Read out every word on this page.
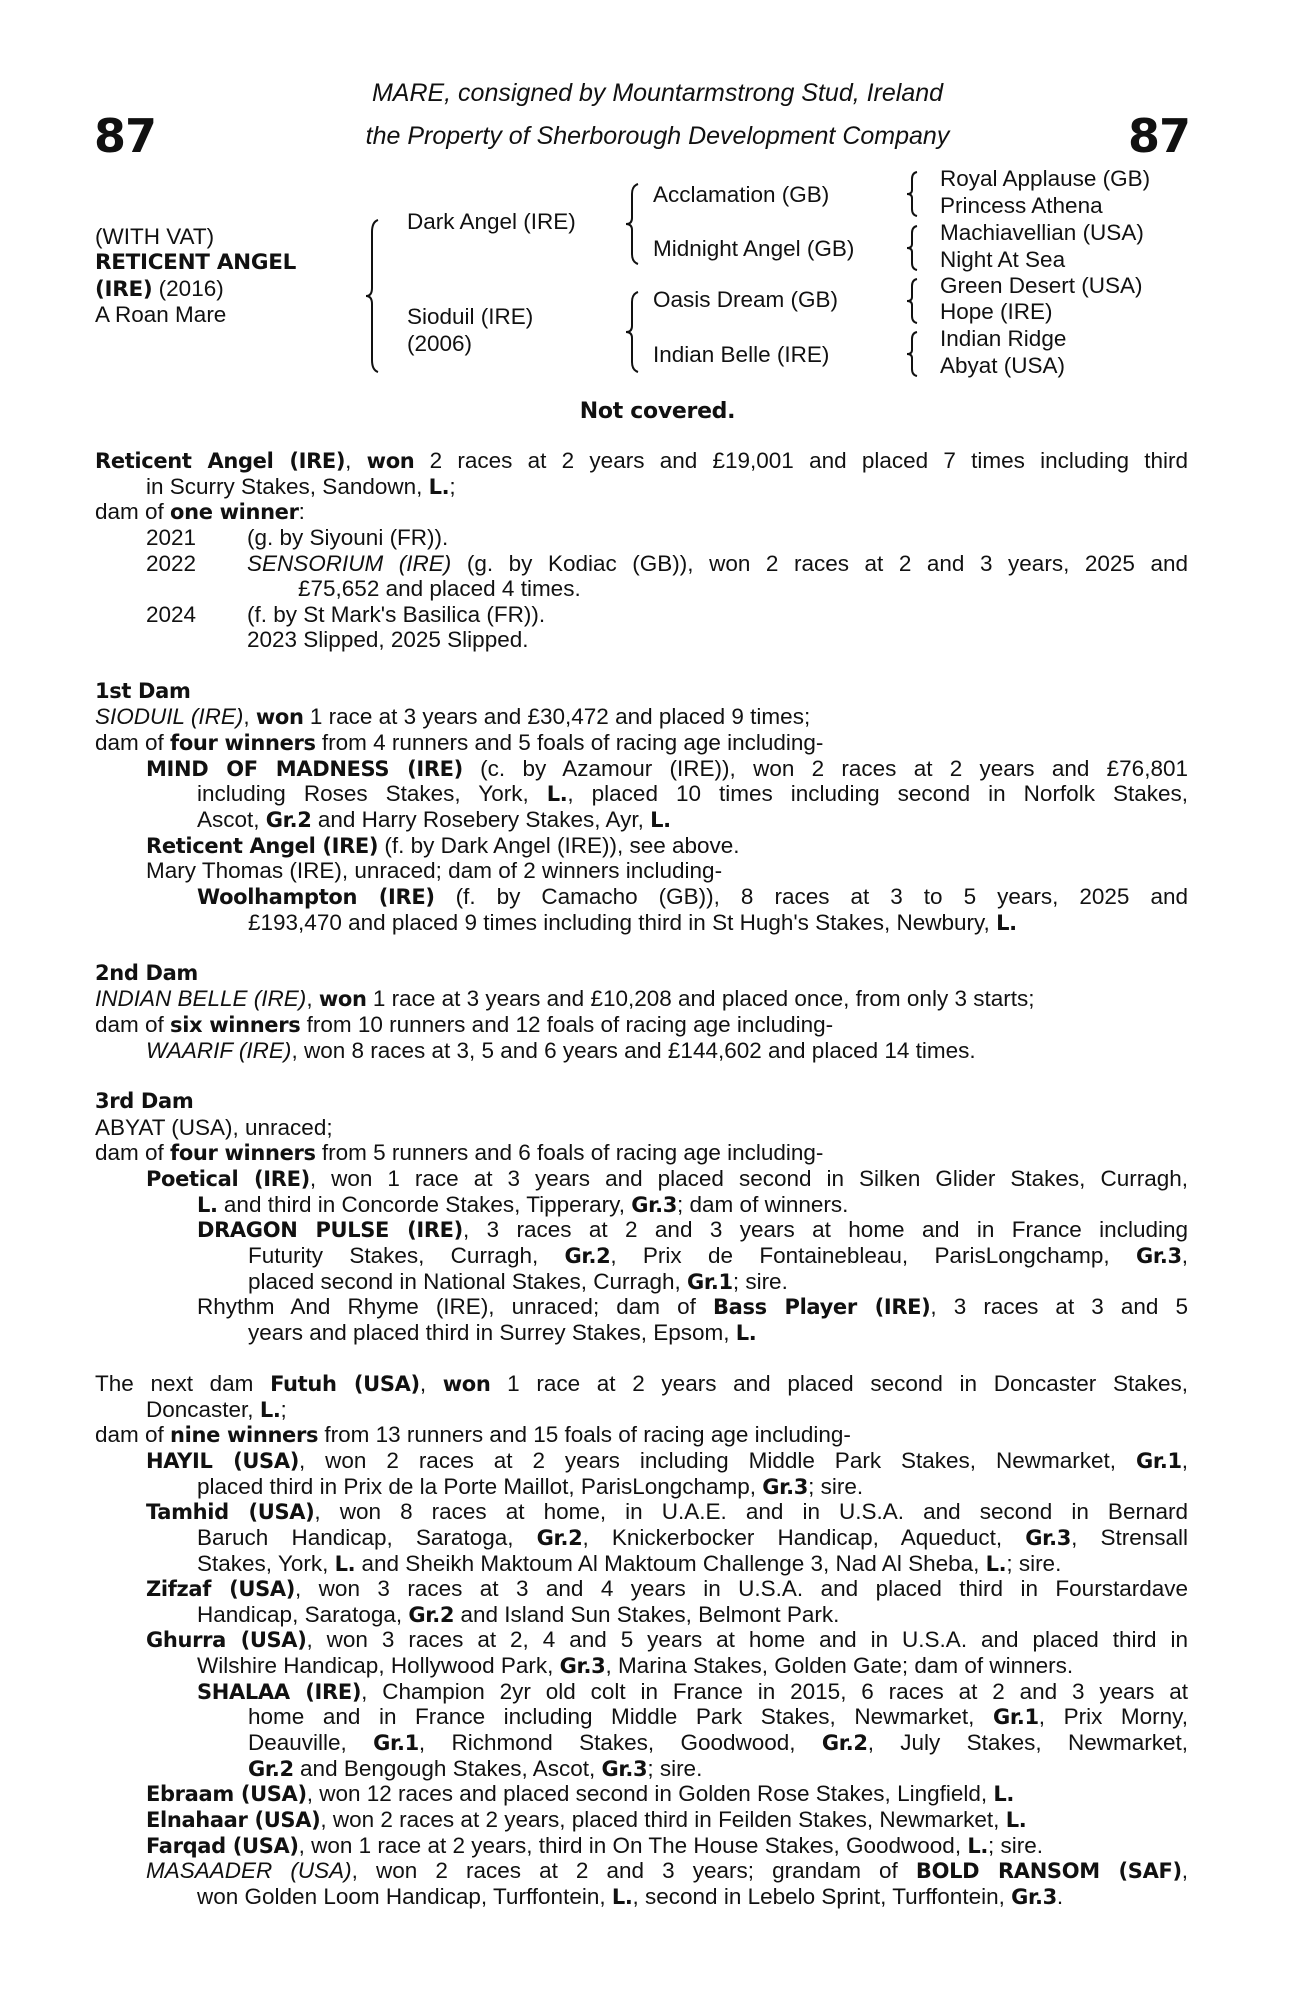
87	87
MARE, consigned by Mountarmstrong Stud, Ireland
the Property of Sherborough Development Company
(WITH VAT)
RETICENT ANGEL
(IRE) (2016)
A Roan Mare
Dark Angel (IRE)
Sioduil (IRE)
(2006)
Acclamation (GB)
Midnight Angel (GB)
Oasis Dream (GB)
Indian Belle (IRE)
Royal Applause (GB)
Princess Athena
Machiavellian (USA)
Night At Sea
Green Desert (USA)
Hope (IRE)
Indian Ridge
Abyat (USA)
Not covered.
Reticent Angel (IRE), won 2 races at 2 years and £19,001 and placed 7 times including third
in Scurry Stakes, Sandown, L.;
dam of one winner:
2021 (g. by Siyouni (FR)).
2022	SENSORIUM (IRE) (g. by Kodiac (GB)), won 2 races at 2 and 3 years, 2025 and
£75,652 and placed 4 times.
2024 (f. by St Mark's Basilica (FR)).
2023 Slipped, 2025 Slipped.
1st Dam
SIODUIL (IRE), won 1 race at 3 years and £30,472 and placed 9 times;
dam of four winners from 4 runners and 5 foals of racing age including-
MIND OF MADNESS (IRE) (c. by Azamour (IRE)), won 2 races at 2 years and £76,801
including Roses Stakes, York, L., placed 10 times including second in Norfolk Stakes,
Ascot, Gr.2 and Harry Rosebery Stakes, Ayr, L.
Reticent Angel (IRE) (f. by Dark Angel (IRE)), see above.
Mary Thomas (IRE), unraced; dam of 2 winners including-
Woolhampton (IRE) (f. by Camacho (GB)), 8 races at 3 to 5 years, 2025 and
£193,470 and placed 9 times including third in St Hugh's Stakes, Newbury, L.
2nd Dam
INDIAN BELLE (IRE), won 1 race at 3 years and £10,208 and placed once, from only 3 starts;
dam of six winners from 10 runners and 12 foals of racing age including-
WAARIF (IRE), won 8 races at 3, 5 and 6 years and £144,602 and placed 14 times.
3rd Dam
ABYAT (USA), unraced;
dam of four winners from 5 runners and 6 foals of racing age including-
Poetical (IRE), won 1 race at 3 years and placed second in Silken Glider Stakes, Curragh,
L. and third in Concorde Stakes, Tipperary, Gr.3; dam of winners.
DRAGON PULSE (IRE), 3 races at 2 and 3 years at home and in France including
Futurity Stakes, Curragh, Gr.2, Prix de Fontainebleau, ParisLongchamp, Gr.3,
placed second in National Stakes, Curragh, Gr.1; sire.
Rhythm And Rhyme (IRE), unraced; dam of Bass Player (IRE), 3 races at 3 and 5
years and placed third in Surrey Stakes, Epsom, L.
The next dam Futuh (USA), won 1 race at 2 years and placed second in Doncaster Stakes,
Doncaster, L.;
dam of nine winners from 13 runners and 15 foals of racing age including-
HAYIL (USA), won 2 races at 2 years including Middle Park Stakes, Newmarket, Gr.1,
placed third in Prix de la Porte Maillot, ParisLongchamp, Gr.3; sire.
Tamhid (USA), won 8 races at home, in U.A.E. and in U.S.A. and second in Bernard
Baruch Handicap, Saratoga, Gr.2, Knickerbocker Handicap, Aqueduct, Gr.3, Strensall
Stakes, York, L. and Sheikh Maktoum Al Maktoum Challenge 3, Nad Al Sheba, L.; sire.
Zifzaf (USA), won 3 races at 3 and 4 years in U.S.A. and placed third in Fourstardave
Handicap, Saratoga, Gr.2 and Island Sun Stakes, Belmont Park.
Ghurra (USA), won 3 races at 2, 4 and 5 years at home and in U.S.A. and placed third in
Wilshire Handicap, Hollywood Park, Gr.3, Marina Stakes, Golden Gate; dam of winners.
SHALAA (IRE), Champion 2yr old colt in France in 2015, 6 races at 2 and 3 years at
home and in France including Middle Park Stakes, Newmarket, Gr.1, Prix Morny,
Deauville, Gr.1, Richmond Stakes, Goodwood, Gr.2, July Stakes, Newmarket,
Gr.2 and Bengough Stakes, Ascot, Gr.3; sire.
Ebraam (USA), won 12 races and placed second in Golden Rose Stakes, Lingfield, L.
Elnahaar (USA), won 2 races at 2 years, placed third in Feilden Stakes, Newmarket, L.
Farqad (USA), won 1 race at 2 years, third in On The House Stakes, Goodwood, L.; sire.
MASAADER (USA), won 2 races at 2 and 3 years; grandam of BOLD RANSOM (SAF),
won Golden Loom Handicap, Turffontein, L., second in Lebelo Sprint, Turffontein, Gr.3.
